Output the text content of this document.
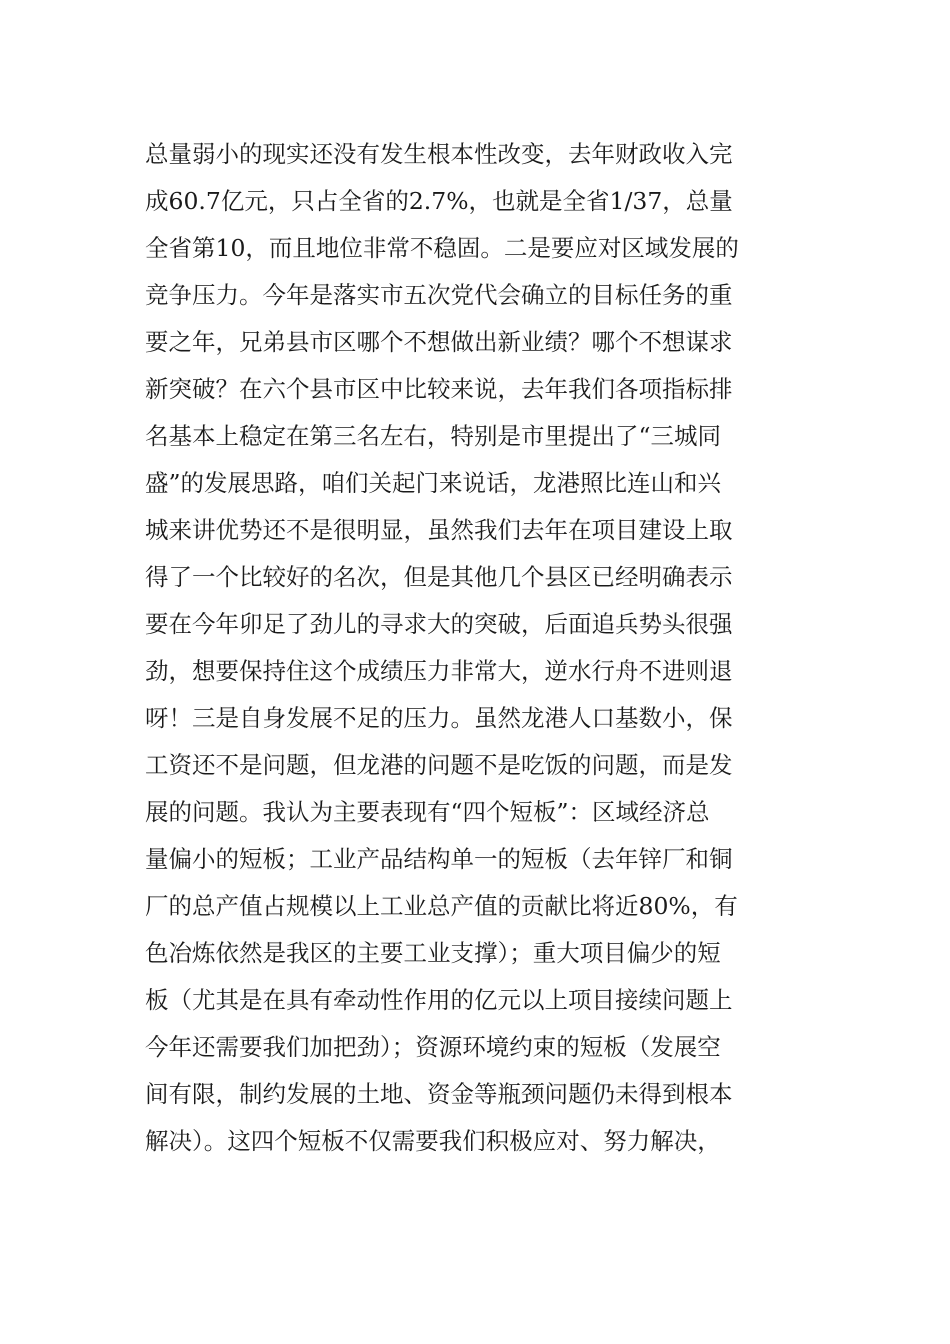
总量弱小的现实还没有发生根本性改变，去年财政收入完
成60.7亿元，只占全省的2.7%，也就是全省1/37，总量
全省第10，而且地位非常不稳固。二是要应对区域发展的
竞争压力。今年是落实市五次党代会确立的目标任务的重
要之年，兄弟县市区哪个不想做出新业绩？哪个不想谋求
新突破？在六个县市区中比较来说，去年我们各项指标排
名基本上稳定在第三名左右，特别是市里提出了“三城同
盛”的发展思路，咱们关起门来说话，龙港照比连山和兴
城来讲优势还不是很明显，虽然我们去年在项目建设上取
得了一个比较好的名次，但是其他几个县区已经明确表示
要在今年卯足了劲儿的寻求大的突破，后面追兵势头很强
劲，想要保持住这个成绩压力非常大，逆水行舟不进则退
呀！三是自身发展不足的压力。虽然龙港人口基数小，保
工资还不是问题，但龙港的问题不是吃饭的问题，而是发
展的问题。我认为主要表现有“四个短板”：区域经济总
量偏小的短板；工业产品结构单一的短板（去年锌厂和铜
厂的总产值占规模以上工业总产值的贡献比将近80%，有
色冶炼依然是我区的主要工业支撑）；重大项目偏少的短
板（尤其是在具有牵动性作用的亿元以上项目接续问题上
今年还需要我们加把劲）；资源环境约束的短板（发展空
间有限，制约发展的土地、资金等瓶颈问题仍未得到根本
解决）。这四个短板不仅需要我们积极应对、努力解决，
